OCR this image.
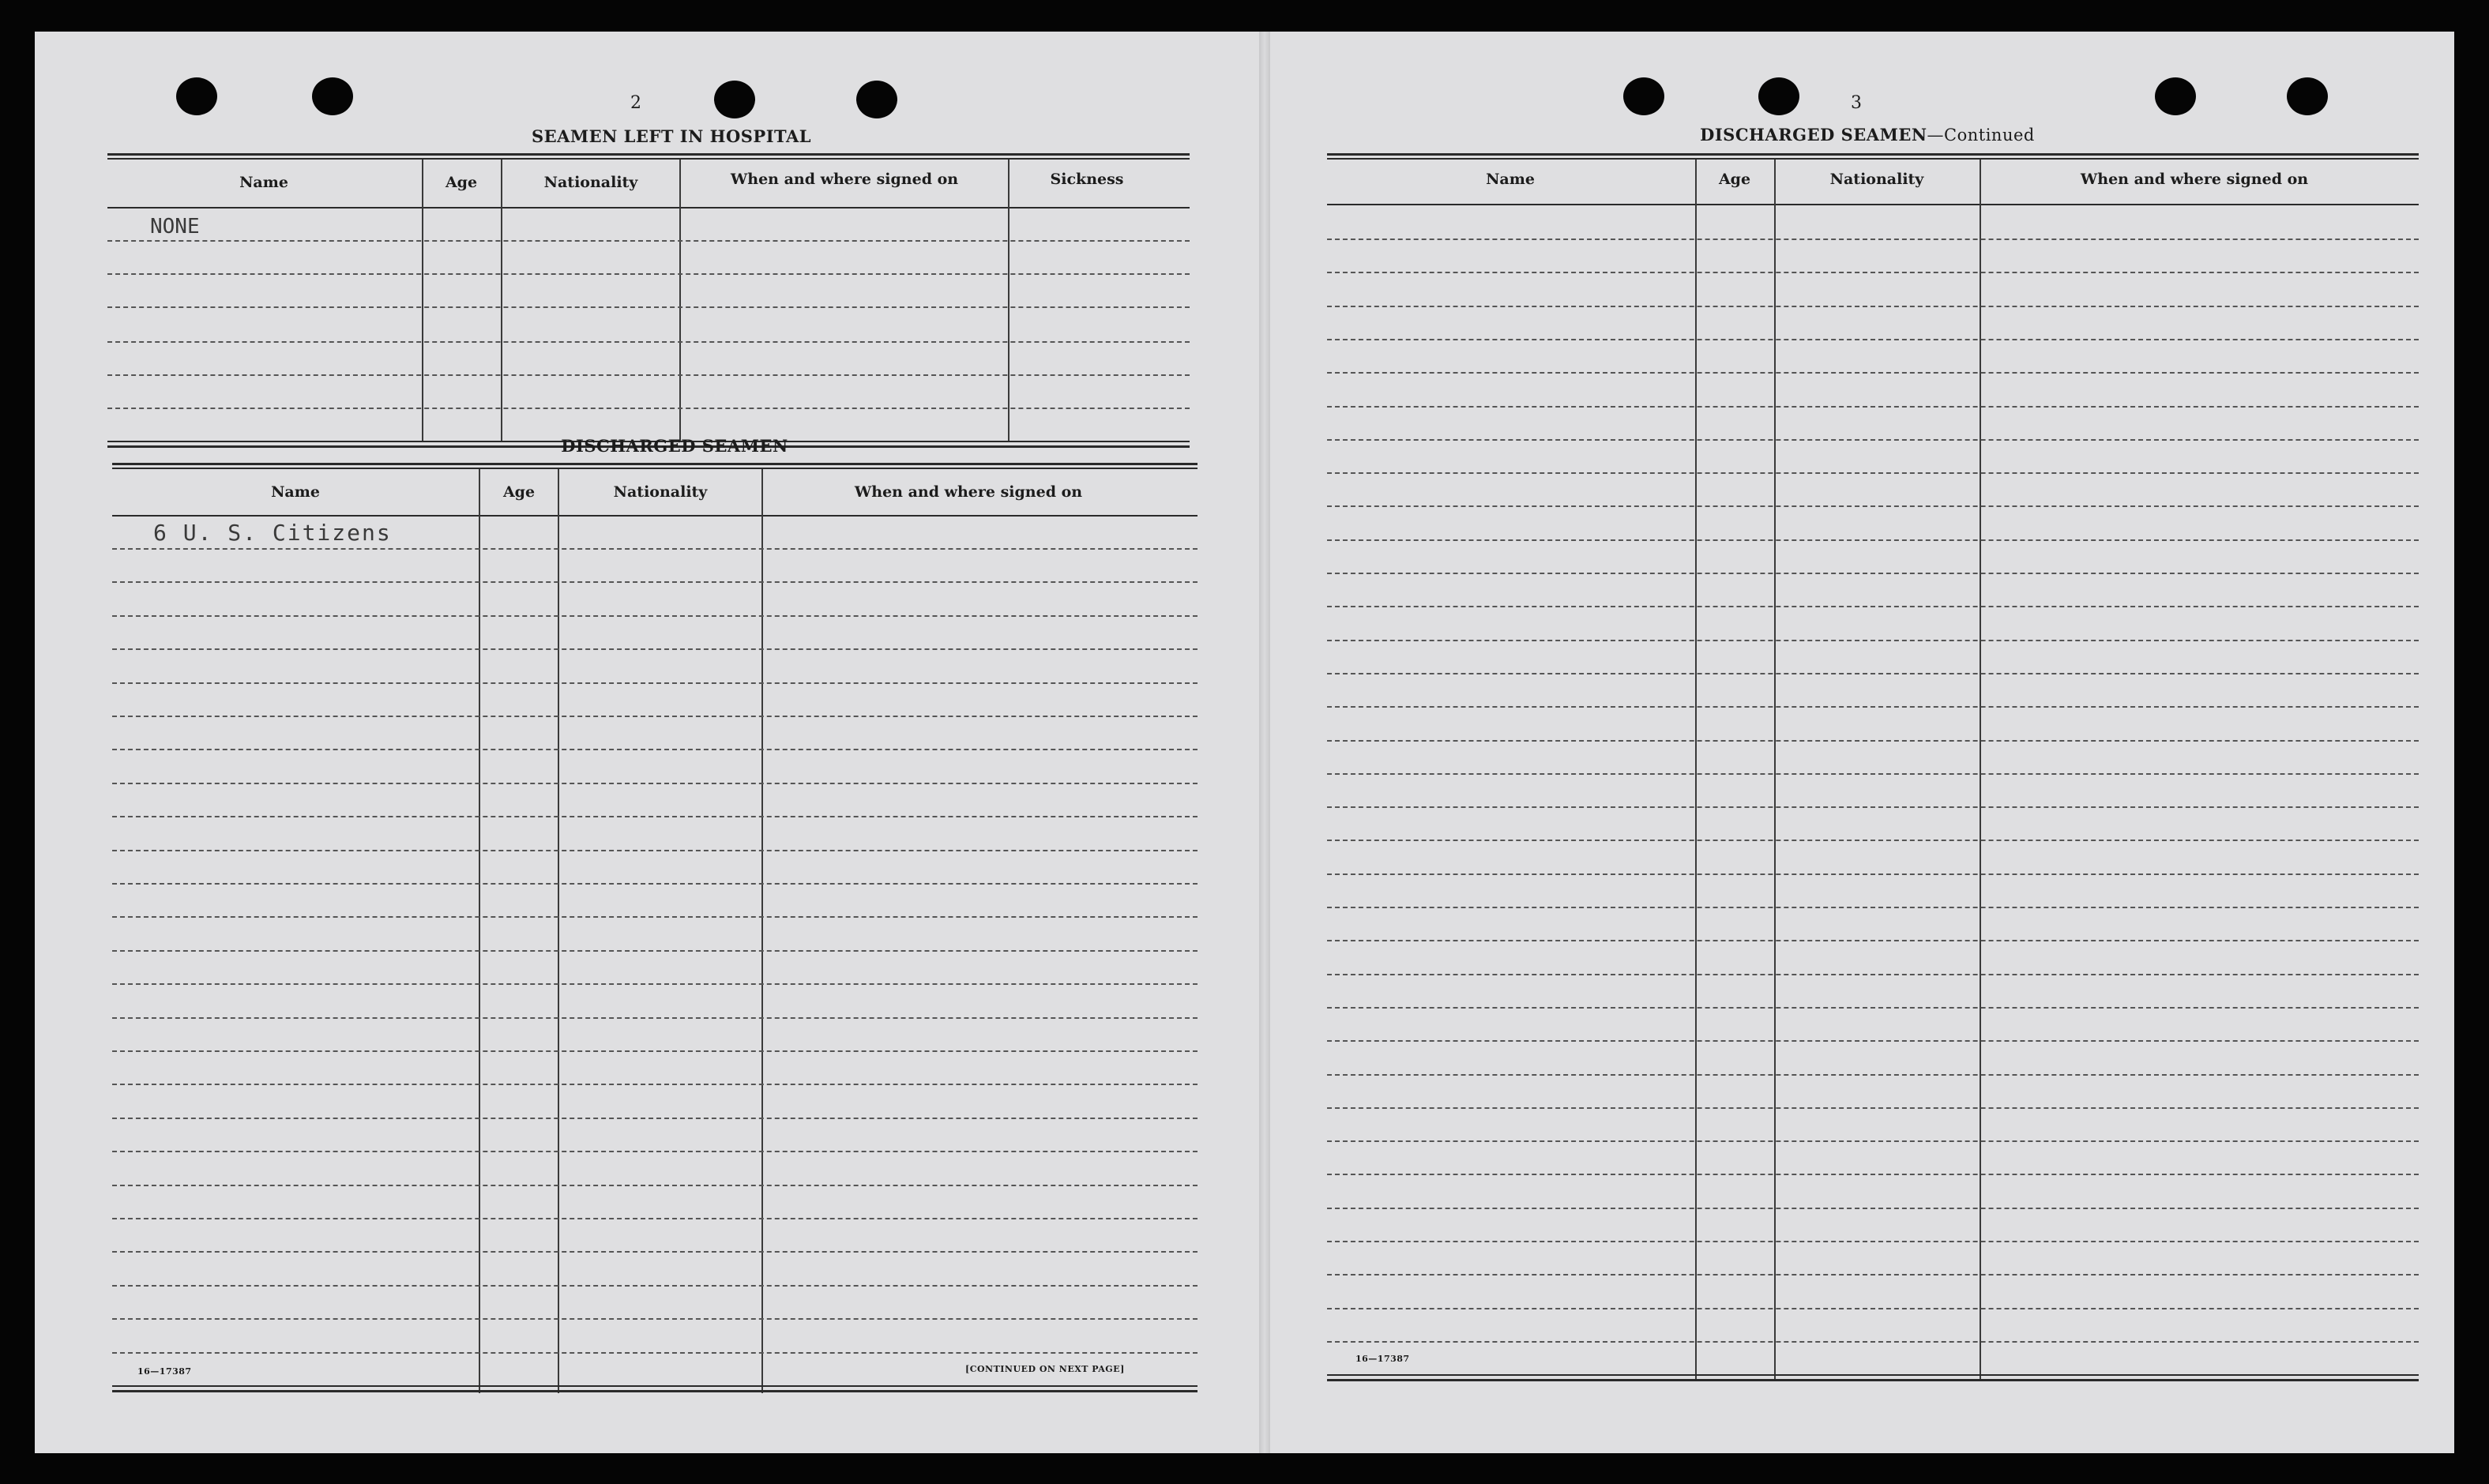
2
SEAMEN LEFT IN HOSPITAL
Name	Age	Nationality	When and where signed on	Sickness
NONE
DISCHARGED SEAMEN
Name	Age	Nationality	When and where signed on
6 U. S. Citizens
16—17387	[CONTINUED ON NEXT PAGE]
3
DISCHARGED SEAMEN—Continued
Name	Age	Nationality	When and where signed on
16—17387
